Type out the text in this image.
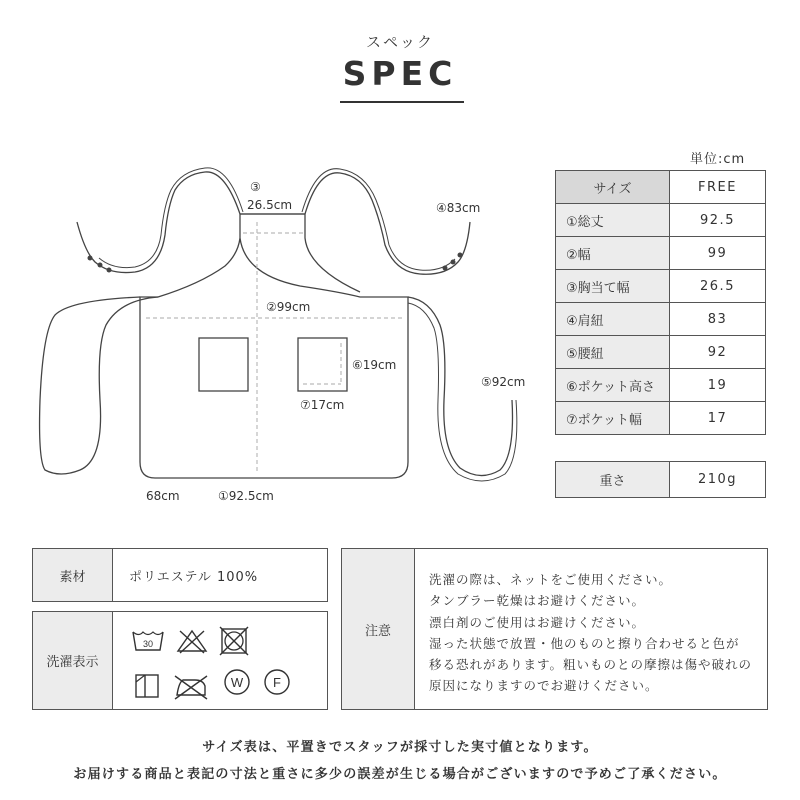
スペック
SPEC
③
26.5cm	④83cm
②99cm
⑥19cm
⑦17cm
⑤92cm
68cm	①92.5cm
単位:cm
サイズ	FREE
①総丈	92.5
②幅	99
③胸当て幅	26.5
④肩紐	83
⑤腰紐	92
⑥ポケット高さ	19
⑦ポケット幅	17
重さ	210g
素材	ポリエステル 100%
洗濯表示
30
W F
注意
洗濯の際は、ネットをご使用ください。
タンブラー乾燥はお避けください。
漂白剤のご使用はお避けください。
湿った状態で放置・他のものと擦り合わせると色が
移る恐れがあります。粗いものとの摩擦は傷や破れの
原因になりますのでお避けください。
サイズ表は、平置きでスタッフが採寸した実寸値となります。
お届けする商品と表記の寸法と重さに多少の誤差が生じる場合がございますので予めご了承ください。
